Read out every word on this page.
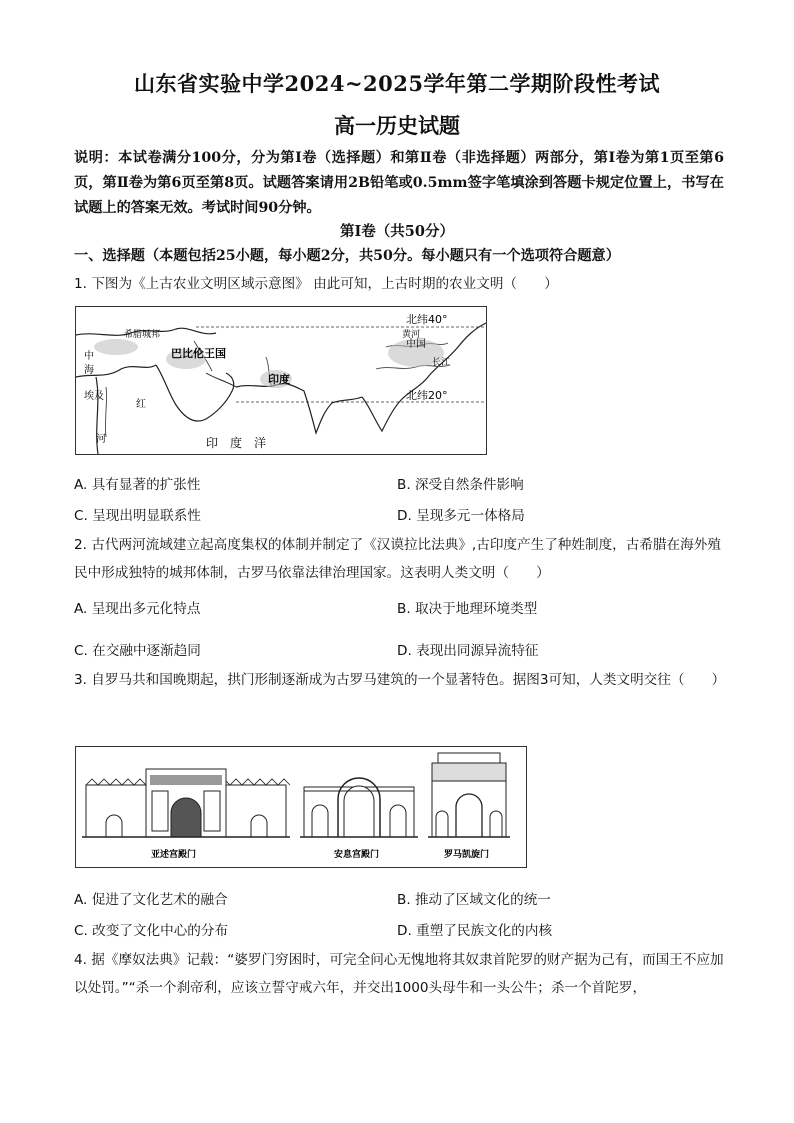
山东省实验中学2024~2025学年第二学期阶段性考试
高一历史试题
说明：本试卷满分100分，分为第Ⅰ卷（选择题）和第Ⅱ卷（非选择题）两部分，第Ⅰ卷为第1页至第6页，第Ⅱ卷为第6页至第8页。试题答案请用2B铅笔或0.5mm签字笔填涂到答题卡规定位置上，书写在试题上的答案无效。考试时间90分钟。
第Ⅰ卷（共50分）
一、选择题（本题包括25小题，每小题2分，共50分。每小题只有一个选项符合题意）
1. 下图为《上古农业文明区域示意图》 由此可知，上古时期的农业文明（　　）
北纬40°
北纬20°
巴比伦王国
印度
中国
黄河
长江
希腊城邦
埃及
中
海
红
河	印　度　洋
A. 具有显著的扩张性	B. 深受自然条件影响
C. 呈现出明显联系性	D. 呈现多元一体格局
2. 古代两河流域建立起高度集权的体制并制定了《汉谟拉比法典》,古印度产生了种姓制度，古希腊在海外殖民中形成独特的城邦体制，古罗马依靠法律治理国家。这表明人类文明（　　）
A. 呈现出多元化特点	B. 取决于地理环境类型
C. 在交融中逐渐趋同	D. 表现出同源异流特征
3. 自罗马共和国晚期起，拱门形制逐渐成为古罗马建筑的一个显著特色。据图3可知，人类文明交往（　　）
亚述宫殿门	安息宫殿门	罗马凯旋门
A. 促进了文化艺术的融合	B. 推动了区域文化的统一
C. 改变了文化中心的分布	D. 重塑了民族文化的内核
4. 据《摩奴法典》记载：“婆罗门穷困时，可完全问心无愧地将其奴隶首陀罗的财产据为己有，而国王不应加以处罚。”“杀一个刹帝利，应该立誓守戒六年，并交出1000头母牛和一头公牛；杀一个首陀罗，
